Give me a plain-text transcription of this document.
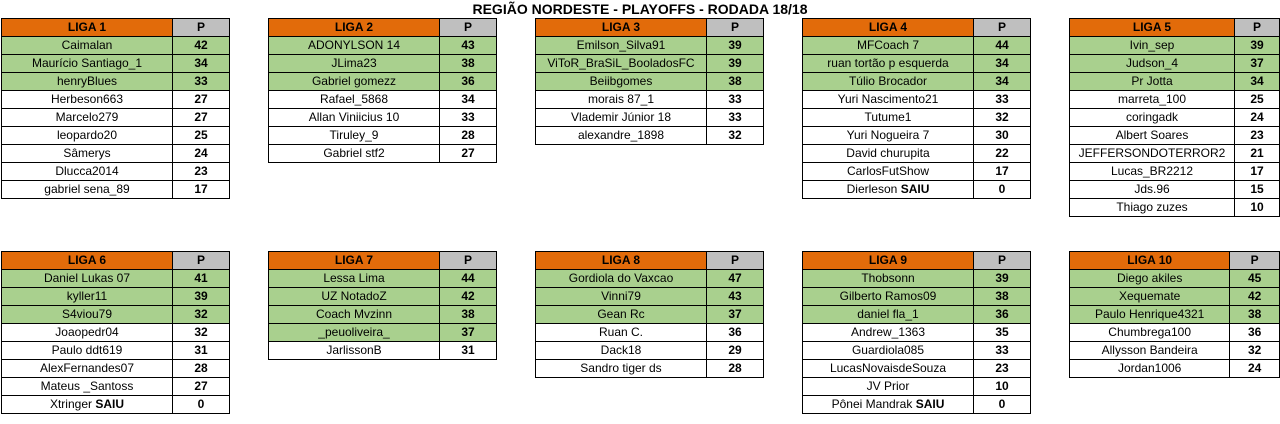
REGIÃO NORDESTE - PLAYOFFS - RODADA 18/18
LIGA 1	P
Caimalan	42
Maurício Santiago_1	34
henryBlues	33
Herbeson663	27
Marcelo279	27
leopardo20	25
Sâmerys	24
Dlucca2014	23
gabriel sena_89	17
LIGA 2	P
ADONYLSON 14	43
JLima23	38
Gabriel gomezz	36
Rafael_5868	34
Allan Viniicius 10	33
Tiruley_9	28
Gabriel stf2	27
LIGA 3	P
Emilson_Silva91	39
ViToR_BraSiL_BooladosFC	39
Beiibgomes	38
morais 87_1	33
Vlademir Júnior 18	33
alexandre_1898	32
LIGA 4	P
MFCoach 7	44
ruan tortão p esquerda	34
Túlio Brocador	34
Yuri Nascimento21	33
Tutume1	32
Yuri Nogueira 7	30
David churupita	22
CarlosFutShow	17
Dierleson SAIU	0
LIGA 5	P
Ivin_sep	39
Judson_4	37
Pr Jotta	34
marreta_100	25
coringadk	24
Albert Soares	23
JEFFERSONDOTERROR2	21
Lucas_BR2212	17
Jds.96	15
Thiago zuzes	10
LIGA 6	P
Daniel Lukas 07	41
kyller11	39
S4viou79	32
Joaopedr04	32
Paulo ddt619	31
AlexFernandes07	28
Mateus _Santoss	27
Xtringer SAIU	0
LIGA 7	P
Lessa Lima	44
UZ NotadoZ	42
Coach Mvzinn	38
_peuoliveira_	37
JarlissonB	31
LIGA 8	P
Gordiola do Vaxcao	47
Vinni79	43
Gean Rc	37
Ruan C.	36
Dack18	29
Sandro tiger ds	28
LIGA 9	P
Thobsonn	39
Gilberto Ramos09	38
daniel fla_1	36
Andrew_1363	35
Guardiola085	33
LucasNovaisdeSouza	23
JV Prior	10
Pônei Mandrak SAIU	0
LIGA 10	P
Diego akiles	45
Xequemate	42
Paulo Henrique4321	38
Chumbrega100	36
Allysson Bandeira	32
Jordan1006	24
